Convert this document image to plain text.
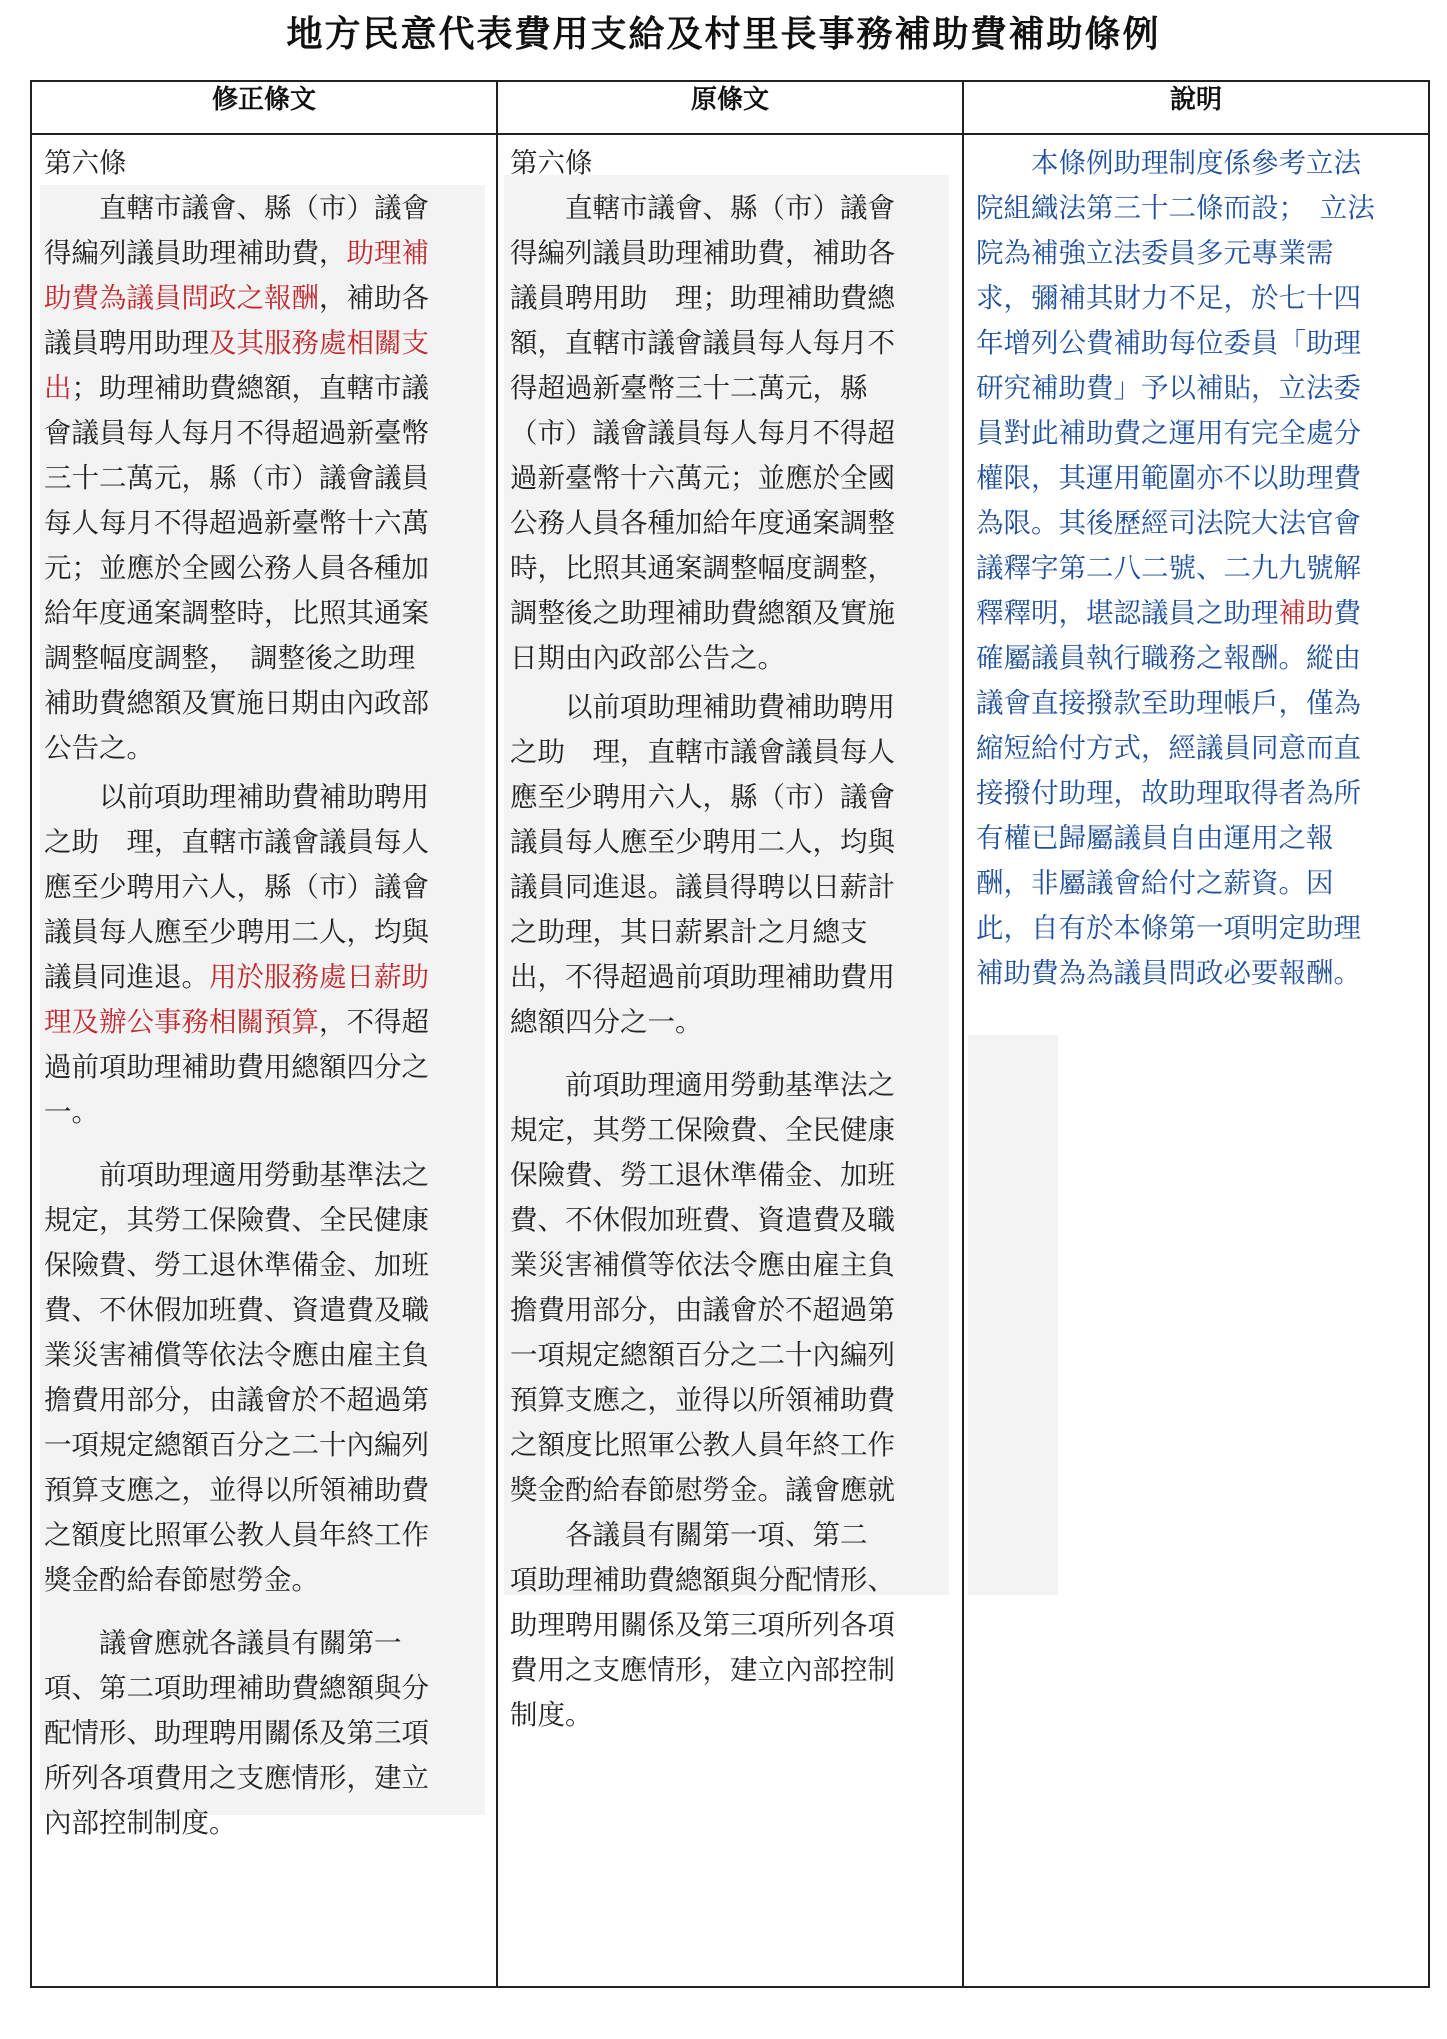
地方民意代表費用支給及村里長事務補助費補助條例
修正條文	原條文	說明
第六條
　　直轄市議會、縣（市）議會
得編列議員助理補助費，助理補
助費為議員問政之報酬，補助各
議員聘用助理及其服務處相關支
出；助理補助費總額，直轄市議
會議員每人每月不得超過新臺幣
三十二萬元，縣（市）議會議員
每人每月不得超過新臺幣十六萬
元；並應於全國公務人員各種加
給年度通案調整時，比照其通案
調整幅度調整，　調整後之助理
補助費總額及實施日期由內政部
公告之。
　　以前項助理補助費補助聘用
之助　理，直轄市議會議員每人
應至少聘用六人，縣（市）議會
議員每人應至少聘用二人，均與
議員同進退。用於服務處日薪助
理及辦公事務相關預算，不得超
過前項助理補助費用總額四分之
一。
　　前項助理適用勞動基準法之
規定，其勞工保險費、全民健康
保險費、勞工退休準備金、加班
費、不休假加班費、資遣費及職
業災害補償等依法令應由雇主負
擔費用部分，由議會於不超過第
一項規定總額百分之二十內編列
預算支應之，並得以所領補助費
之額度比照軍公教人員年終工作
獎金酌給春節慰勞金。
　　議會應就各議員有關第一
項、第二項助理補助費總額與分
配情形、助理聘用關係及第三項
所列各項費用之支應情形，建立
內部控制制度。
第六條
　　直轄市議會、縣（市）議會
得編列議員助理補助費，補助各
議員聘用助　理；助理補助費總
額，直轄市議會議員每人每月不
得超過新臺幣三十二萬元，縣
（市）議會議員每人每月不得超
過新臺幣十六萬元；並應於全國
公務人員各種加給年度通案調整
時，比照其通案調整幅度調整，
調整後之助理補助費總額及實施
日期由內政部公告之。
　　以前項助理補助費補助聘用
之助　理，直轄市議會議員每人
應至少聘用六人，縣（市）議會
議員每人應至少聘用二人，均與
議員同進退。議員得聘以日薪計
之助理，其日薪累計之月總支
出，不得超過前項助理補助費用
總額四分之一。
　　前項助理適用勞動基準法之
規定，其勞工保險費、全民健康
保險費、勞工退休準備金、加班
費、不休假加班費、資遣費及職
業災害補償等依法令應由雇主負
擔費用部分，由議會於不超過第
一項規定總額百分之二十內編列
預算支應之，並得以所領補助費
之額度比照軍公教人員年終工作
獎金酌給春節慰勞金。議會應就
　　各議員有關第一項、第二
項助理補助費總額與分配情形、
助理聘用關係及第三項所列各項
費用之支應情形，建立內部控制
制度。
　　本條例助理制度係參考立法
院組織法第三十二條而設；　立法
院為補強立法委員多元專業需
求，彌補其財力不足，於七十四
年增列公費補助每位委員「助理
研究補助費」予以補貼，立法委
員對此補助費之運用有完全處分
權限，其運用範圍亦不以助理費
為限。其後歷經司法院大法官會
議釋字第二八二號、二九九號解
釋釋明，堪認議員之助理補助費
確屬議員執行職務之報酬。縱由
議會直接撥款至助理帳戶，僅為
縮短給付方式，經議員同意而直
接撥付助理，故助理取得者為所
有權已歸屬議員自由運用之報
酬，非屬議會給付之薪資。因
此，自有於本條第一項明定助理
補助費為為議員問政必要報酬。
